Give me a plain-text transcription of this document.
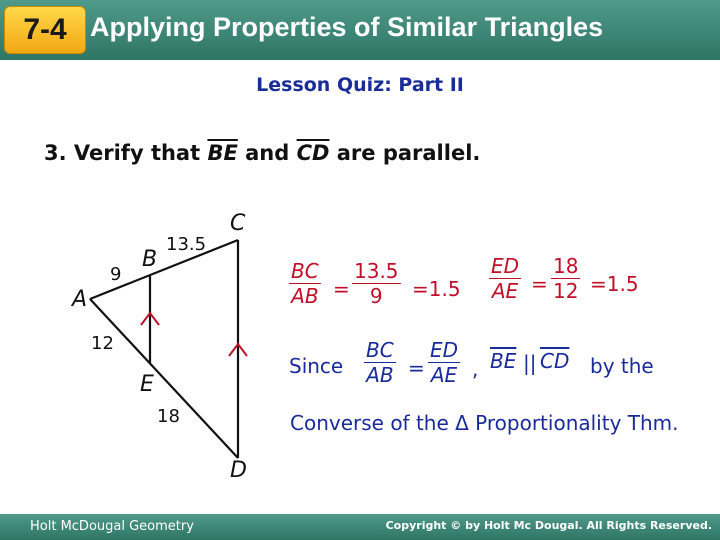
7-4 Applying Properties of Similar Triangles
Lesson Quiz: Part II
3. Verify that $\overline{BE}$ and $\overline{CD}$ are parallel.
A
B
C
D
E
9
13.5
12
18
$\frac{BC}{AB} = \frac{13.5}{9} =1.5 \frac{ED}{AE} = \frac{18}{12} =1.5$
Since $\frac{BC}{AB} = \frac{ED}{AE}$ , $\overline{BE}$ || $\overline{CD}$ by the
Converse of the Δ Proportionality Thm.
Holt McDougal Geometry	Copyright © by Holt Mc Dougal. All Rights Reserved.
